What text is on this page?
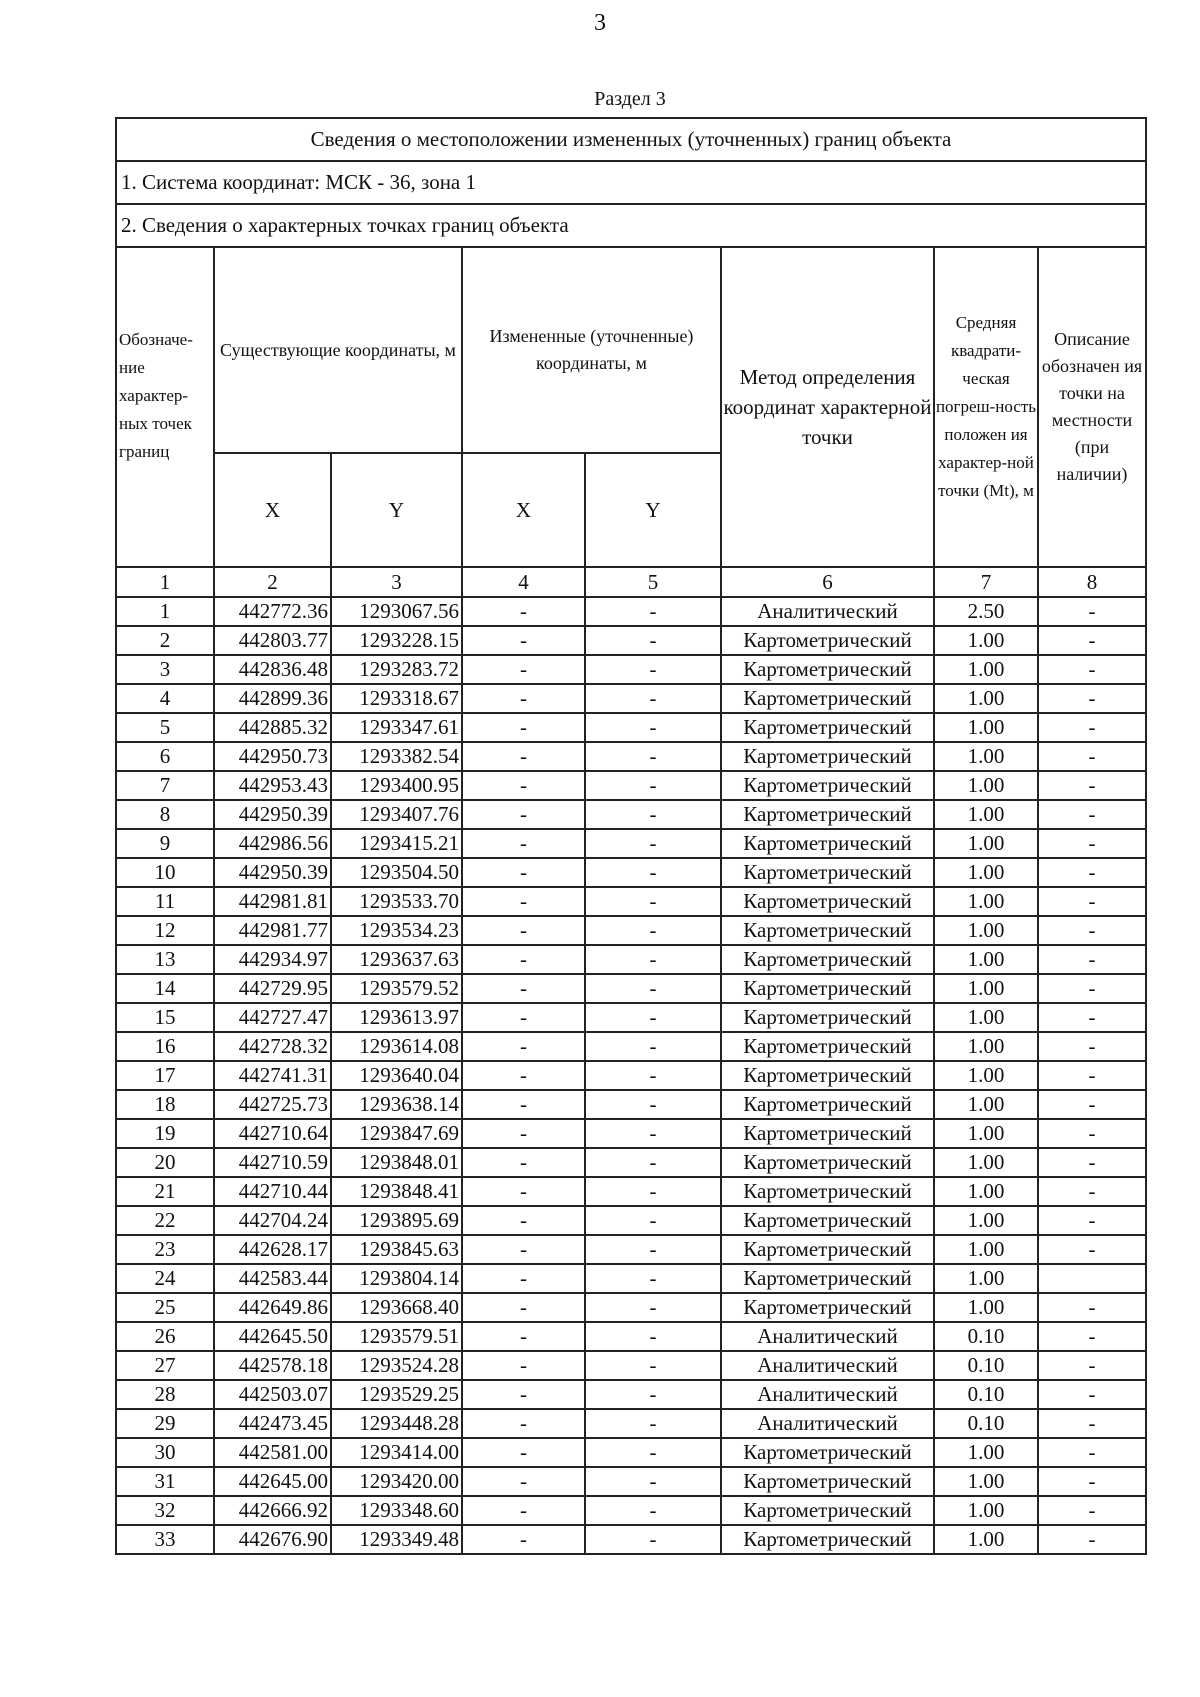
3
Раздел 3
Сведения о местоположении измененных (уточненных) границ объекта							
1. Система координат: МСК - 36, зона 1							
2. Сведения о характерных точках границ объекта							
Обозначе-ние характер-ных точек границ	Существующие координаты, м		Измененные (уточненные) координаты, м		Метод определения координат характерной точки	Средняя квадрати-ческая погреш-ность положен ия характер-ной точки (Mt), м	Описание обозначен ия точки на местности (при наличии)
	X	Y	X	Y			
1	2	3	4	5	6	7	8
1	442772.36	1293067.56	-	-	Аналитический	2.50	-
2	442803.77	1293228.15	-	-	Картометрический	1.00	-
3	442836.48	1293283.72	-	-	Картометрический	1.00	-
4	442899.36	1293318.67	-	-	Картометрический	1.00	-
5	442885.32	1293347.61	-	-	Картометрический	1.00	-
6	442950.73	1293382.54	-	-	Картометрический	1.00	-
7	442953.43	1293400.95	-	-	Картометрический	1.00	-
8	442950.39	1293407.76	-	-	Картометрический	1.00	-
9	442986.56	1293415.21	-	-	Картометрический	1.00	-
10	442950.39	1293504.50	-	-	Картометрический	1.00	-
11	442981.81	1293533.70	-	-	Картометрический	1.00	-
12	442981.77	1293534.23	-	-	Картометрический	1.00	-
13	442934.97	1293637.63	-	-	Картометрический	1.00	-
14	442729.95	1293579.52	-	-	Картометрический	1.00	-
15	442727.47	1293613.97	-	-	Картометрический	1.00	-
16	442728.32	1293614.08	-	-	Картометрический	1.00	-
17	442741.31	1293640.04	-	-	Картометрический	1.00	-
18	442725.73	1293638.14	-	-	Картометрический	1.00	-
19	442710.64	1293847.69	-	-	Картометрический	1.00	-
20	442710.59	1293848.01	-	-	Картометрический	1.00	-
21	442710.44	1293848.41	-	-	Картометрический	1.00	-
22	442704.24	1293895.69	-	-	Картометрический	1.00	-
23	442628.17	1293845.63	-	-	Картометрический	1.00	-
24	442583.44	1293804.14	-	-	Картометрический	1.00	
25	442649.86	1293668.40	-	-	Картометрический	1.00	-
26	442645.50	1293579.51	-	-	Аналитический	0.10	-
27	442578.18	1293524.28	-	-	Аналитический	0.10	-
28	442503.07	1293529.25	-	-	Аналитический	0.10	-
29	442473.45	1293448.28	-	-	Аналитический	0.10	-
30	442581.00	1293414.00	-	-	Картометрический	1.00	-
31	442645.00	1293420.00	-	-	Картометрический	1.00	-
32	442666.92	1293348.60	-	-	Картометрический	1.00	-
33	442676.90	1293349.48	-	-	Картометрический	1.00	-
